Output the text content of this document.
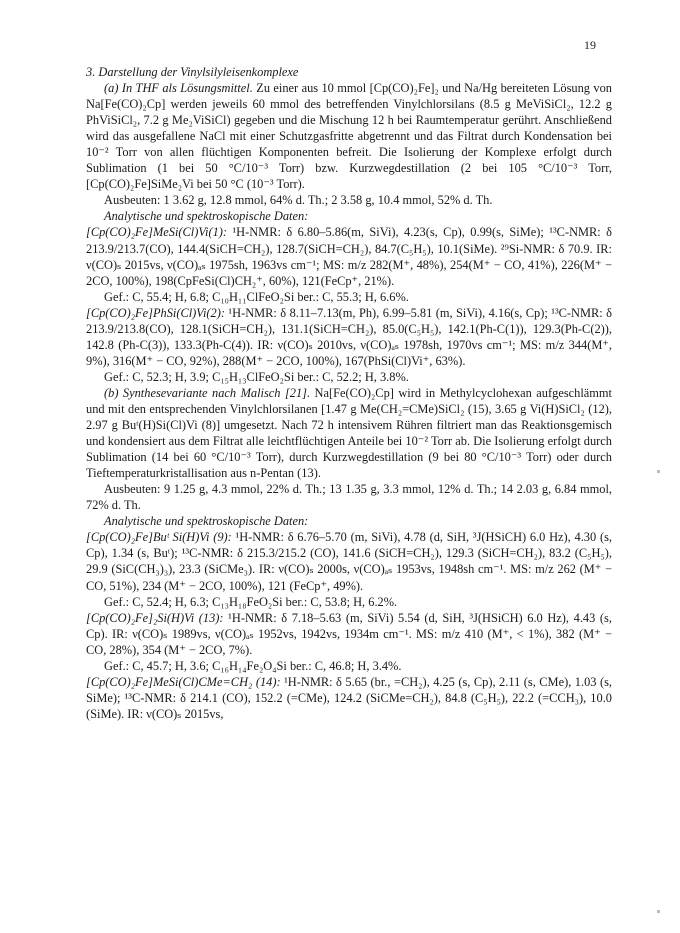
19

3. Darstellung der Vinylsilyleisenkomplexe

(a) In THF als Lösungsmittel. Zu einer aus 10 mmol [Cp(CO)₂Fe]₂ und Na/Hg bereiteten Lösung von Na[Fe(CO)₂Cp] werden jeweils 60 mmol des betreffenden Vinylchlorsilans (8.5 g MeViSiCl₂, 12.2 g PhViSiCl₂, 7.2 g Me₂ViSiCl) gegeben und die Mischung 12 h bei Raumtemperatur gerührt. Anschließend wird das ausgefallene NaCl mit einer Schutzgasfritte abgetrennt und das Filtrat durch Kondensation bei 10⁻² Torr von allen flüchtigen Komponenten befreit. Die Isolierung der Komplexe erfolgt durch Sublimation (1 bei 50 °C/10⁻³ Torr) bzw. Kurzwegdestillation (2 bei 105 °C/10⁻³ Torr, [Cp(CO)₂Fe]SiMe₂Vi bei 50 °C (10⁻³ Torr).

Ausbeuten: 1 3.62 g, 12.8 mmol, 64% d. Th.; 2 3.58 g, 10.4 mmol, 52% d. Th.

Analytische und spektroskopische Daten:

[Cp(CO)₂Fe]MeSi(Cl)Vi(1): ¹H-NMR: δ 6.80–5.86(m, SiVi), 4.23(s, Cp), 0.99(s, SiMe); ¹³C-NMR: δ 213.9/213.7(CO), 144.4(SiCH=CH₂), 128.7(SiCH=CH₂), 84.7(C₅H₅), 10.1(SiMe). ²⁹Si-NMR: δ 70.9. IR: ν(CO)ₛ 2015vs, ν(CO)ₐₛ 1975sh, 1963vs cm⁻¹; MS: m/z 282(M⁺, 48%), 254(M⁺ − CO, 41%), 226(M⁺ − 2CO, 100%), 198(CpFeSi(Cl)CH₂⁺, 60%), 121(FeCp⁺, 21%).

Gef.: C, 55.4; H, 6.8; C₁₀H₁₁ClFeO₂Si ber.: C, 55.3; H, 6.6%.

[Cp(CO)₂Fe]PhSi(Cl)Vi(2): ¹H-NMR: δ 8.11–7.13(m, Ph), 6.99–5.81 (m, SiVi), 4.16(s, Cp); ¹³C-NMR: δ 213.9/213.8(CO), 128.1(SiCH=CH₂), 131.1(SiCH=CH₂), 85.0(C₅H₅), 142.1(Ph-C(1)), 129.3(Ph-C(2)), 142.8 (Ph-C(3)), 133.3(Ph-C(4)). IR: ν(CO)ₛ 2010vs, ν(CO)ₐₛ 1978sh, 1970vs cm⁻¹; MS: m/z 344(M⁺, 9%), 316(M⁺ − CO, 92%), 288(M⁺ − 2CO, 100%), 167(PhSi(Cl)Vi⁺, 63%).

Gef.: C, 52.3; H, 3.9; C₁₅H₁₃ClFeO₂Si ber.: C, 52.2; H, 3.8%.

(b) Synthesevariante nach Malisch [21]. Na[Fe(CO)₂Cp] wird in Methylcyclohexan aufgeschlämmt und mit den entsprechenden Vinylchlorsilanen [1.47 g Me(CH₂=CMe)SiCl₂ (15), 3.65 g Vi(H)SiCl₂ (12), 2.97 g Buᵗ(H)Si(Cl)Vi (8)] umgesetzt. Nach 72 h intensivem Rühren filtriert man das Reaktionsgemisch und kondensiert aus dem Filtrat alle leichtflüchtigen Anteile bei 10⁻² Torr ab. Die Isolierung erfolgt durch Sublimation (14 bei 60 °C/10⁻³ Torr), durch Kurzwegdestillation (9 bei 80 °C/10⁻³ Torr) oder durch Tieftemperaturkristallisation aus n-Pentan (13).

Ausbeuten: 9 1.25 g, 4.3 mmol, 22% d. Th.; 13 1.35 g, 3.3 mmol, 12% d. Th.; 14 2.03 g, 6.84 mmol, 72% d. Th.

Analytische und spektroskopische Daten:

[Cp(CO)₂Fe]Buᵗ Si(H)Vi (9): ¹H-NMR: δ 6.76–5.70 (m, SiVi), 4.78 (d, SiH, ³J(HSiCH) 6.0 Hz), 4.30 (s, Cp), 1.34 (s, Buᵗ); ¹³C-NMR: δ 215.3/215.2 (CO), 141.6 (SiCH=CH₂), 129.3 (SiCH=CH₂), 83.2 (C₅H₅), 29.9 (SiC(CH₃)₃), 23.3 (SiCMe₃). IR: ν(CO)ₛ 2000s, ν(CO)ₐₛ 1953vs, 1948sh cm⁻¹. MS: m/z 262 (M⁺ − CO, 51%), 234 (M⁺ − 2CO, 100%), 121 (FeCp⁺, 49%).

Gef.: C, 52.4; H, 6.3; C₁₃H₁₈FeO₂Si ber.: C, 53.8; H, 6.2%.

[Cp(CO)₂Fe]₂Si(H)Vi (13): ¹H-NMR: δ 7.18–5.63 (m, SiVi) 5.54 (d, SiH, ³J(HSiCH) 6.0 Hz), 4.43 (s, Cp). IR: ν(CO)ₛ 1989vs, ν(CO)ₐₛ 1952vs, 1942vs, 1934m cm⁻¹. MS: m/z 410 (M⁺, < 1%), 382 (M⁺ − CO, 28%), 354 (M⁺ − 2CO, 7%).

Gef.: C, 45.7; H, 3.6; C₁₆H₁₄Fe₂O₄Si ber.: C, 46.8; H, 3.4%.

[Cp(CO)₂Fe]MeSi(Cl)CMe=CH₂ (14): ¹H-NMR: δ 5.65 (br., =CH₂), 4.25 (s, Cp), 2.11 (s, CMe), 1.03 (s, SiMe); ¹³C-NMR: δ 214.1 (CO), 152.2 (=CMe), 124.2 (SiCMe=CH₂), 84.8 (C₅H₅), 22.2 (=CCH₃), 10.0 (SiMe). IR: ν(CO)ₛ 2015vs,
